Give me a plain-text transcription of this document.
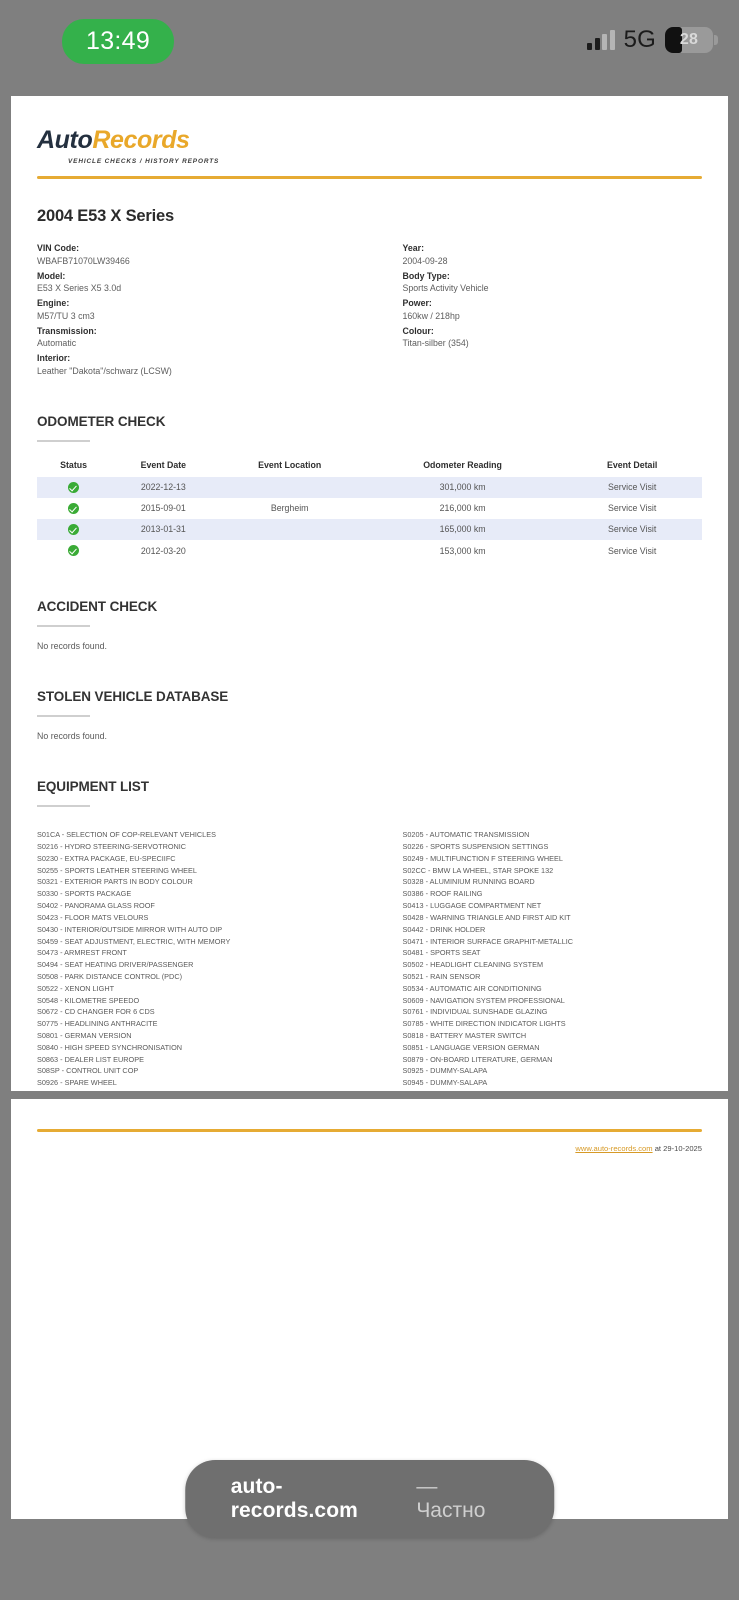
13:49	5G	28
AutoRecords
VEHICLE CHECKS / HISTORY REPORTS
2004 E53 X Series
VIN Code:
WBAFB71070LW39466
Model:
E53 X Series X5 3.0d
Engine:
M57/TU 3 cm3
Transmission:
Automatic
Interior:
Leather "Dakota"/schwarz (LCSW)
Year:
2004-09-28
Body Type:
Sports Activity Vehicle
Power:
160kw / 218hp
Colour:
Titan-silber (354)
ODOMETER CHECK
Status	Event Date	Event Location	Odometer Reading	Event Detail
	2022-12-13		301,000 km	Service Visit
	2015-09-01	Bergheim	216,000 km	Service Visit
	2013-01-31		165,000 km	Service Visit
	2012-03-20		153,000 km	Service Visit
ACCIDENT CHECK
No records found.
STOLEN VEHICLE DATABASE
No records found.
EQUIPMENT LIST
S01CA - SELECTION OF COP-RELEVANT VEHICLES
S0216 - HYDRO STEERING-SERVOTRONIC
S0230 - EXTRA PACKAGE, EU-SPECIIFC
S0255 - SPORTS LEATHER STEERING WHEEL
S0321 - EXTERIOR PARTS IN BODY COLOUR
S0330 - SPORTS PACKAGE
S0402 - PANORAMA GLASS ROOF
S0423 - FLOOR MATS VELOURS
S0430 - INTERIOR/OUTSIDE MIRROR WITH AUTO DIP
S0459 - SEAT ADJUSTMENT, ELECTRIC, WITH MEMORY
S0473 - ARMREST FRONT
S0494 - SEAT HEATING DRIVER/PASSENGER
S0508 - PARK DISTANCE CONTROL (PDC)
S0522 - XENON LIGHT
S0548 - KILOMETRE SPEEDO
S0672 - CD CHANGER FOR 6 CDS
S0775 - HEADLINING ANTHRACITE
S0801 - GERMAN VERSION
S0840 - HIGH SPEED SYNCHRONISATION
S0863 - DEALER LIST EUROPE
S08SP - CONTROL UNIT COP
S0926 - SPARE WHEEL
S0205 - AUTOMATIC TRANSMISSION
S0226 - SPORTS SUSPENSION SETTINGS
S0249 - MULTIFUNCTION F STEERING WHEEL
S02CC - BMW LA WHEEL, STAR SPOKE 132
S0328 - ALUMINIUM RUNNING BOARD
S0386 - ROOF RAILING
S0413 - LUGGAGE COMPARTMENT NET
S0428 - WARNING TRIANGLE AND FIRST AID KIT
S0442 - DRINK HOLDER
S0471 - INTERIOR SURFACE GRAPHIT-METALLIC
S0481 - SPORTS SEAT
S0502 - HEADLIGHT CLEANING SYSTEM
S0521 - RAIN SENSOR
S0534 - AUTOMATIC AIR CONDITIONING
S0609 - NAVIGATION SYSTEM PROFESSIONAL
S0761 - INDIVIDUAL SUNSHADE GLAZING
S0785 - WHITE DIRECTION INDICATOR LIGHTS
S0818 - BATTERY MASTER SWITCH
S0851 - LANGUAGE VERSION GERMAN
S0879 - ON-BOARD LITERATURE, GERMAN
S0925 - DUMMY-SALAPA
S0945 - DUMMY-SALAPA
www.auto-records.com at 29-10-2025
auto-records.com
— Частно
